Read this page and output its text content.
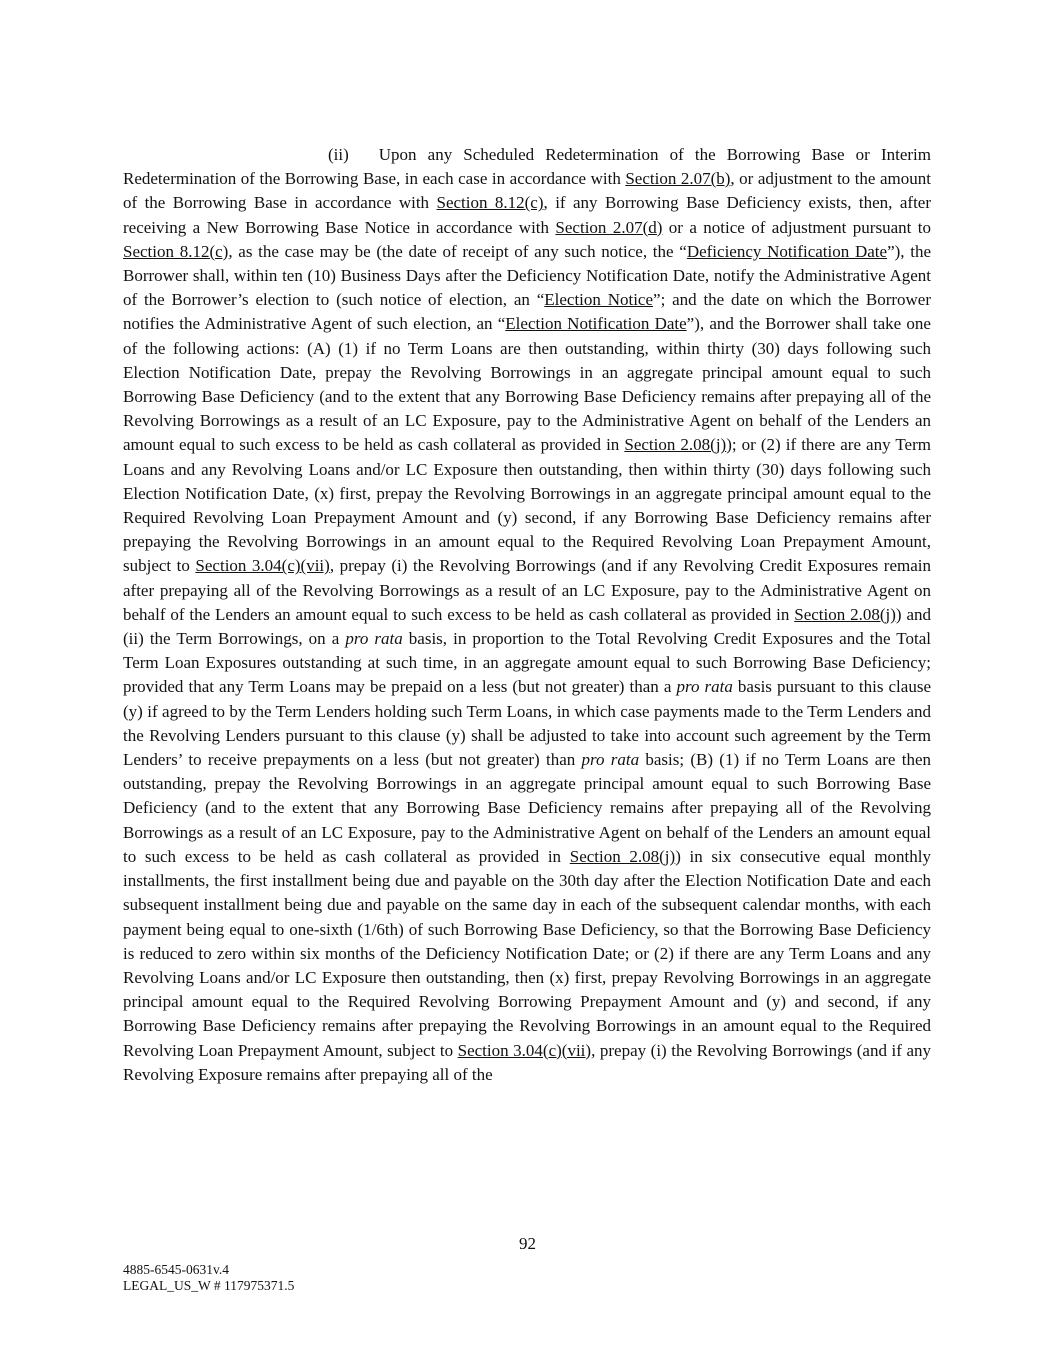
(ii) Upon any Scheduled Redetermination of the Borrowing Base or Interim Redetermination of the Borrowing Base, in each case in accordance with Section 2.07(b), or adjustment to the amount of the Borrowing Base in accordance with Section 8.12(c), if any Borrowing Base Deficiency exists, then, after receiving a New Borrowing Base Notice in accordance with Section 2.07(d) or a notice of adjustment pursuant to Section 8.12(c), as the case may be (the date of receipt of any such notice, the “Deficiency Notification Date”), the Borrower shall, within ten (10) Business Days after the Deficiency Notification Date, notify the Administrative Agent of the Borrower’s election to (such notice of election, an “Election Notice”; and the date on which the Borrower notifies the Administrative Agent of such election, an “Election Notification Date”), and the Borrower shall take one of the following actions: (A) (1) if no Term Loans are then outstanding, within thirty (30) days following such Election Notification Date, prepay the Revolving Borrowings in an aggregate principal amount equal to such Borrowing Base Deficiency (and to the extent that any Borrowing Base Deficiency remains after prepaying all of the Revolving Borrowings as a result of an LC Exposure, pay to the Administrative Agent on behalf of the Lenders an amount equal to such excess to be held as cash collateral as provided in Section 2.08(j)); or (2) if there are any Term Loans and any Revolving Loans and/or LC Exposure then outstanding, then within thirty (30) days following such Election Notification Date, (x) first, prepay the Revolving Borrowings in an aggregate principal amount equal to the Required Revolving Loan Prepayment Amount and (y) second, if any Borrowing Base Deficiency remains after prepaying the Revolving Borrowings in an amount equal to the Required Revolving Loan Prepayment Amount, subject to Section 3.04(c)(vii), prepay (i) the Revolving Borrowings (and if any Revolving Credit Exposures remain after prepaying all of the Revolving Borrowings as a result of an LC Exposure, pay to the Administrative Agent on behalf of the Lenders an amount equal to such excess to be held as cash collateral as provided in Section 2.08(j)) and (ii) the Term Borrowings, on a pro rata basis, in proportion to the Total Revolving Credit Exposures and the Total Term Loan Exposures outstanding at such time, in an aggregate amount equal to such Borrowing Base Deficiency; provided that any Term Loans may be prepaid on a less (but not greater) than a pro rata basis pursuant to this clause (y) if agreed to by the Term Lenders holding such Term Loans, in which case payments made to the Term Lenders and the Revolving Lenders pursuant to this clause (y) shall be adjusted to take into account such agreement by the Term Lenders’ to receive prepayments on a less (but not greater) than pro rata basis; (B) (1) if no Term Loans are then outstanding, prepay the Revolving Borrowings in an aggregate principal amount equal to such Borrowing Base Deficiency (and to the extent that any Borrowing Base Deficiency remains after prepaying all of the Revolving Borrowings as a result of an LC Exposure, pay to the Administrative Agent on behalf of the Lenders an amount equal to such excess to be held as cash collateral as provided in Section 2.08(j)) in six consecutive equal monthly installments, the first installment being due and payable on the 30th day after the Election Notification Date and each subsequent installment being due and payable on the same day in each of the subsequent calendar months, with each payment being equal to one-sixth (1/6th) of such Borrowing Base Deficiency, so that the Borrowing Base Deficiency is reduced to zero within six months of the Deficiency Notification Date; or (2) if there are any Term Loans and any Revolving Loans and/or LC Exposure then outstanding, then (x) first, prepay Revolving Borrowings in an aggregate principal amount equal to the Required Revolving Borrowing Prepayment Amount and (y) and second, if any Borrowing Base Deficiency remains after prepaying the Revolving Borrowings in an amount equal to the Required Revolving Loan Prepayment Amount, subject to Section 3.04(c)(vii), prepay (i) the Revolving Borrowings (and if any Revolving Exposure remains after prepaying all of the

92
4885-6545-0631v.4
LEGAL_US_W # 117975371.5
